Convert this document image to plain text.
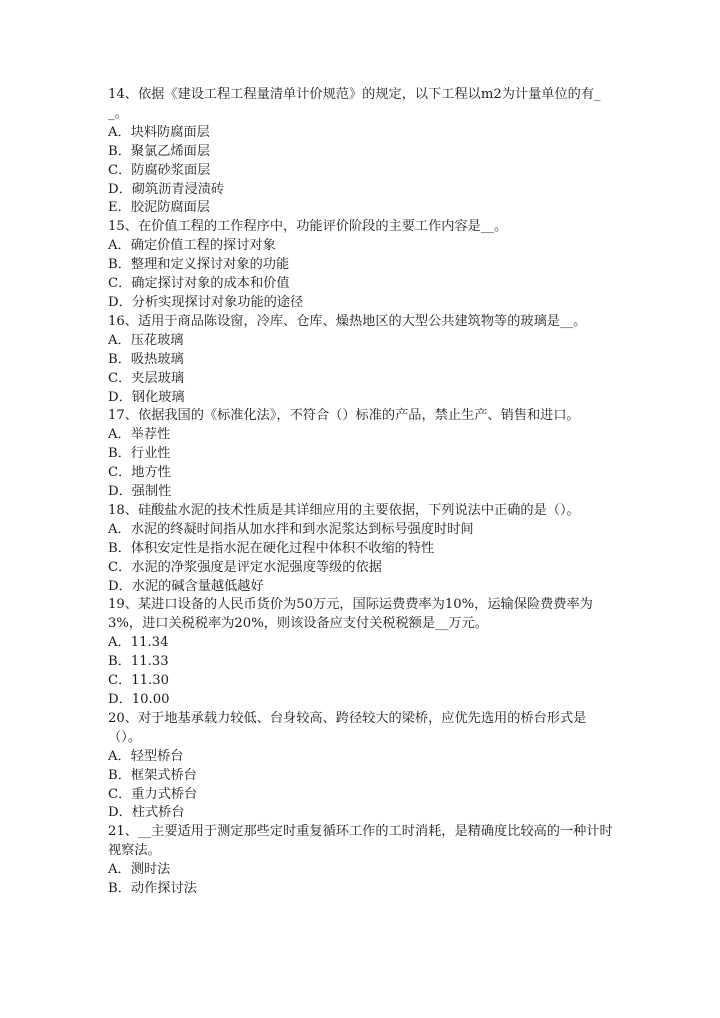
14、依据《建设工程工程量清单计价规范》的规定，以下工程以m2为计量单位的有__。

A．块料防腐面层

B．聚氯乙烯面层

C．防腐砂浆面层

D．砌筑沥青浸渍砖

E．胶泥防腐面层

15、在价值工程的工作程序中，功能评价阶段的主要工作内容是__。

A．确定价值工程的探讨对象

B．整理和定义探讨对象的功能

C．确定探讨对象的成本和价值

D．分析实现探讨对象功能的途径

16、适用于商品陈设窗，冷库、仓库、燥热地区的大型公共建筑物等的玻璃是__。

A．压花玻璃

B．吸热玻璃

C．夹层玻璃

D．钢化玻璃

17、依据我国的《标准化法》，不符合（）标准的产品，禁止生产、销售和进口。

A．举荐性

B．行业性

C．地方性

D．强制性

18、硅酸盐水泥的技术性质是其详细应用的主要依据，下列说法中正确的是（）。

A．水泥的终凝时间指从加水拌和到水泥浆达到标号强度时时间

B．体积安定性是指水泥在硬化过程中体积不收缩的特性

C．水泥的净浆强度是评定水泥强度等级的依据

D．水泥的碱含量越低越好

19、某进口设备的人民币货价为50万元，国际运费费率为10%，运输保险费费率为3%，进口关税税率为20%，则该设备应支付关税税额是__万元。

A．11.34

B．11.33

C．11.30

D．10.00

20、对于地基承载力较低、台身较高、跨径较大的梁桥，应优先选用的桥台形式是（）。

A．轻型桥台

B．框架式桥台

C．重力式桥台

D．柱式桥台

21、__主要适用于测定那些定时重复循环工作的工时消耗，是精确度比较高的一种计时视察法。

A．测时法

B．动作探讨法
